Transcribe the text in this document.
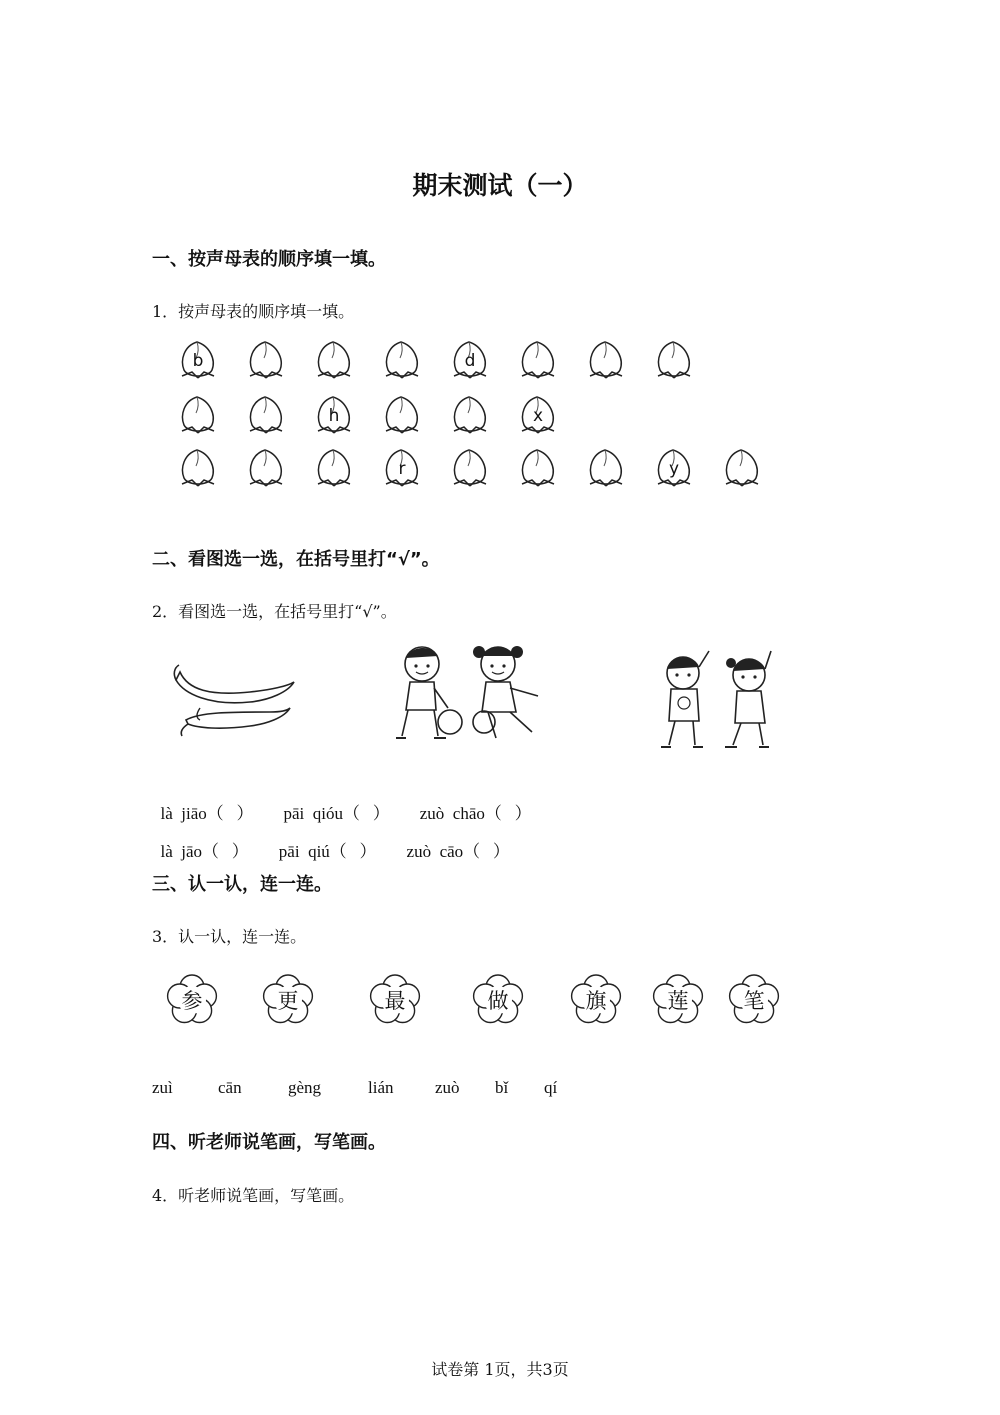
期末测试（一）
一、按声母表的顺序填一填。
1．按声母表的顺序填一填。
b	d
h	x
r	y
二、看图选一选，在括号里打“√”。
2．看图选一选，在括号里打“√”。

là  jiāo（   ） pāi  qióu（   ） zuò  chāo（   ）

là  jāo（   ） pāi  qiú（   ） zuò  cāo（   ）

三、认一认，连一连。
3．认一认，连一连。
参	更	最	做	旗	莲	笔
zuì	cān	gèng	lián zuò bǐ qí
四、听老师说笔画，写笔画。
4．听老师说笔画，写笔画。
试卷第 1页，共3页
